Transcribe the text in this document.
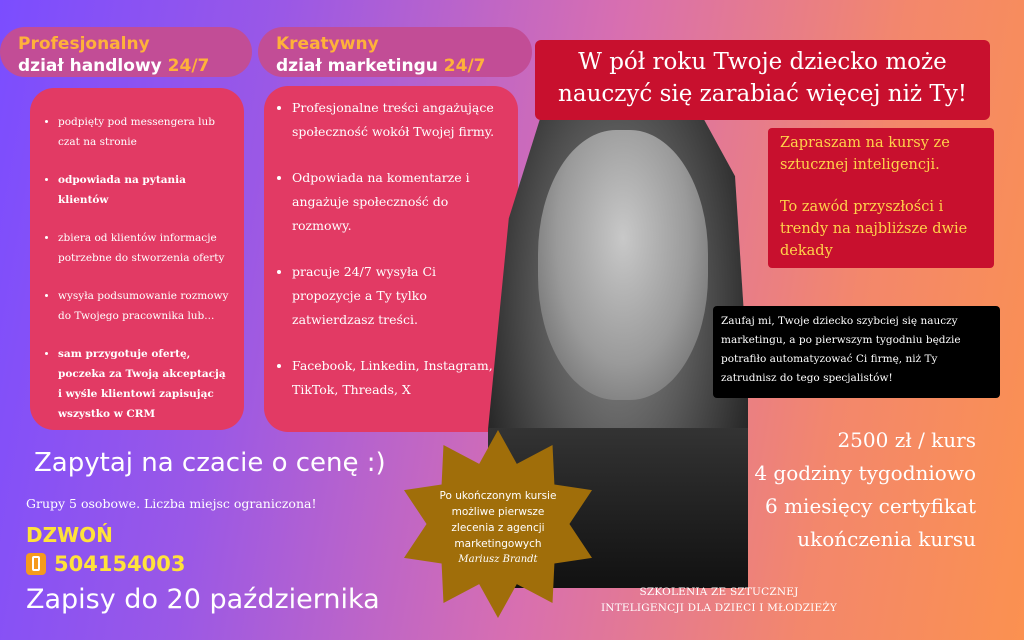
Profesjonalny
dział handlowy 24/7
Kreatywny
dział marketingu 24/7
• podpięty pod messengera lub czat na stronie
• odpowiada na pytania klientów
• zbiera od klientów informacje potrzebne do stworzenia oferty
• wysyła podsumowanie rozmowy do Twojego pracownika lub...
• sam przygotuje ofertę, poczeka za Twoją akceptacją i wyśle klientowi zapisując wszystko w CRM
• Profesjonalne treści angażujące społeczność wokół Twojej firmy.
• Odpowiada na komentarze i angażuje społeczność do rozmowy.
• pracuje 24/7 wysyła Ci propozycje a Ty tylko zatwierdzasz treści.
• Facebook, Linkedin, Instagram, TikTok, Threads, X
W pół roku Twoje dziecko może nauczyć się zarabiać więcej niż Ty!

Zapraszam na kursy ze sztucznej inteligencji.

To zawód przyszłości i trendy na najbliższe dwie dekady

Zaufaj mi, Twoje dziecko szybciej się nauczy marketingu, a po pierwszym tygodniu będzie potrafiło automatyzować Ci firmę, niż Ty zatrudnisz do tego specjalistów!
2500 zł / kurs
4 godziny tygodniowo
6 miesięcy certyfikat
ukończenia kursu
Zapytaj na czacie o cenę :)
Grupy 5 osobowe. Liczba miejsc ograniczona!
DZWOŃ
504154003
Zapisy do 20 października
Po ukończonym kursie możliwe pierwsze zlecenia z agencji marketingowych
Mariusz Brandt
SZKOLENIA ZE SZTUCZNEJ
INTELIGENCJI DLA DZIECI I MŁODZIEŻY
